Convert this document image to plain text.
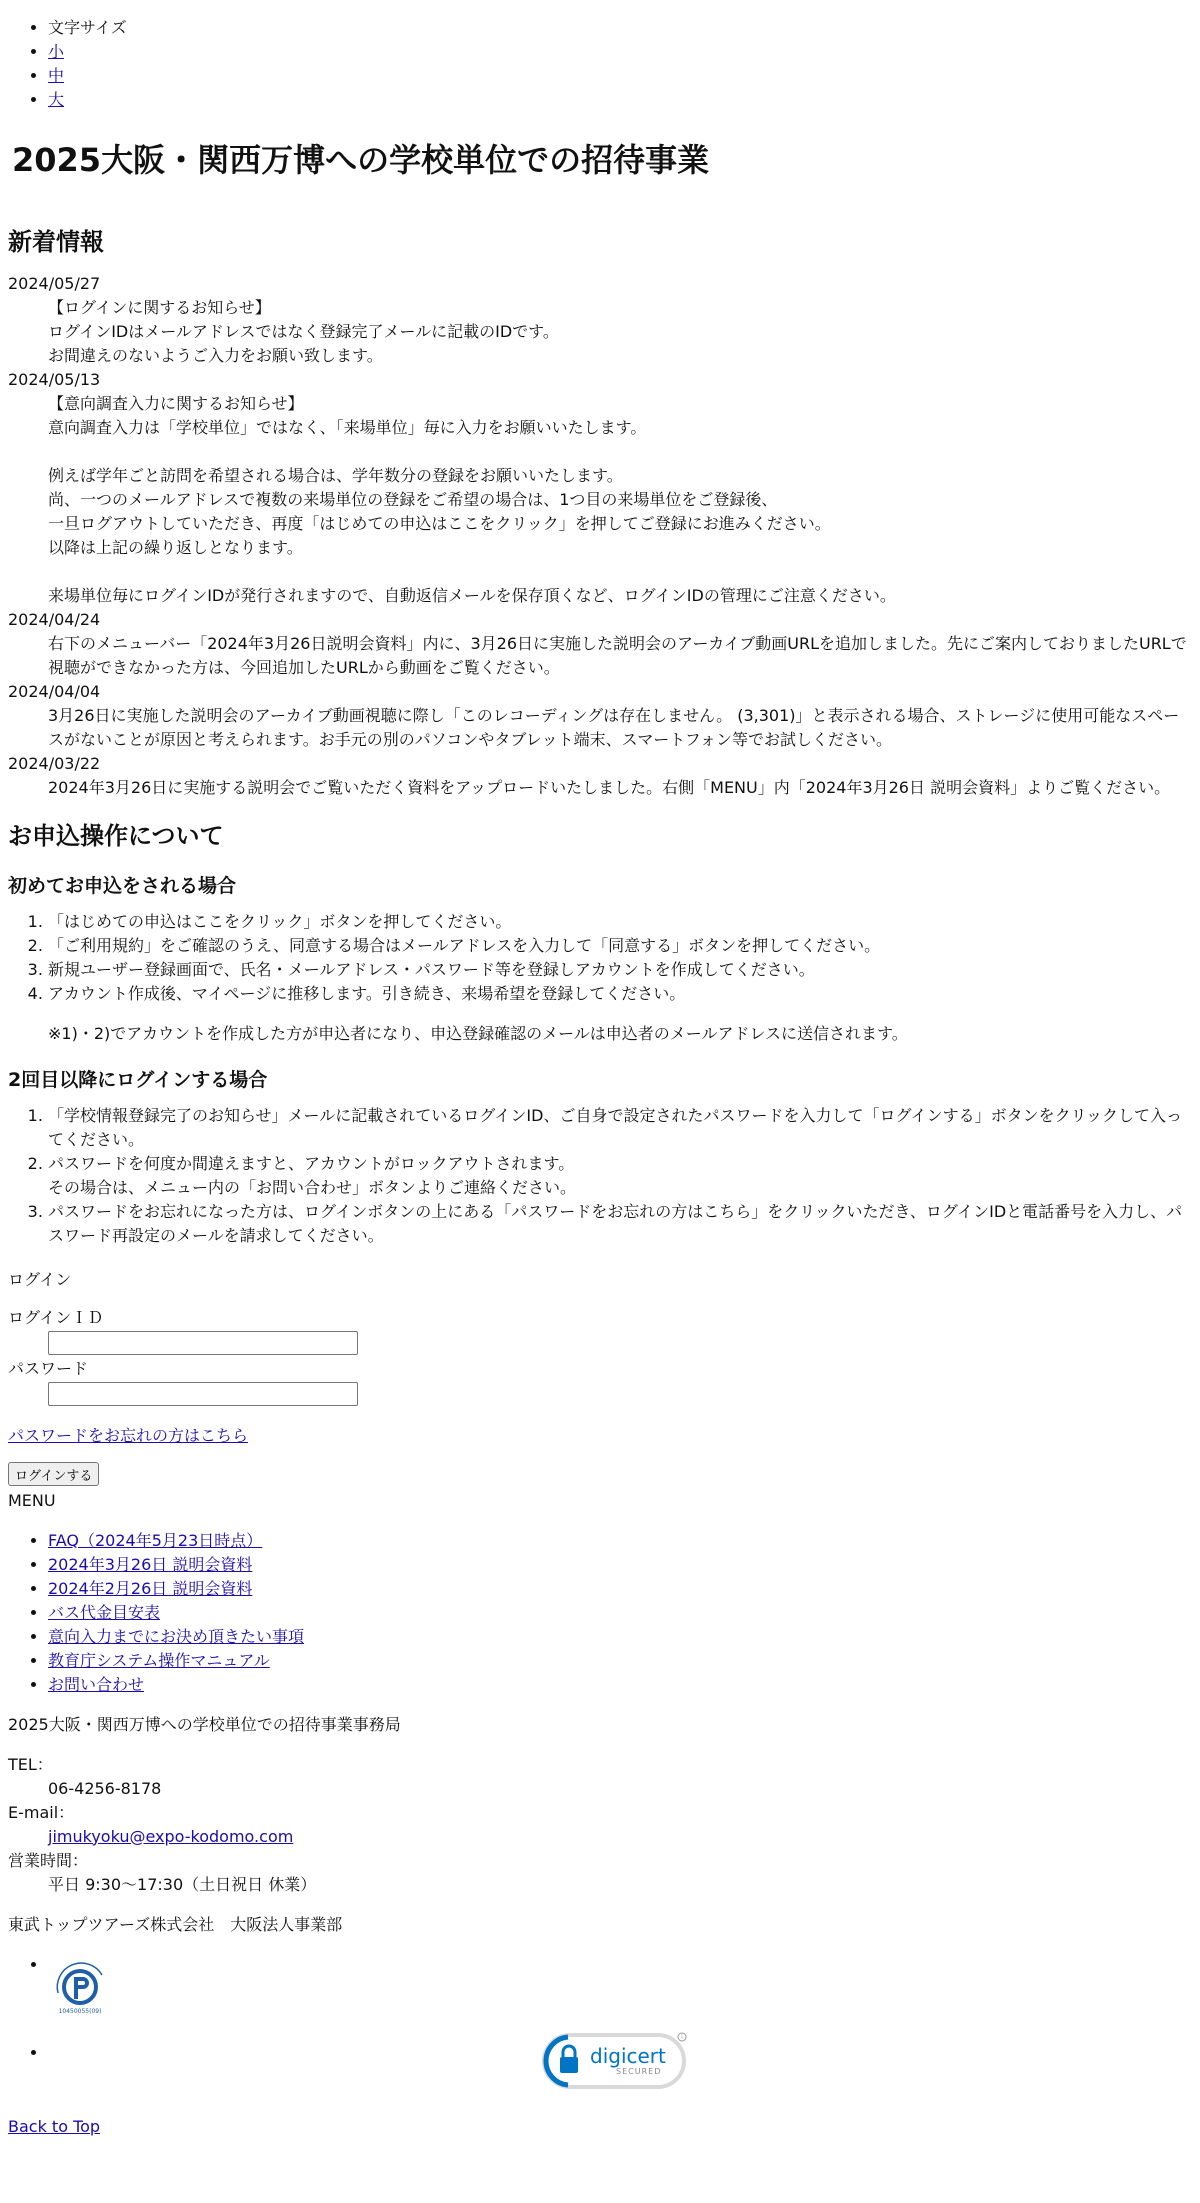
• 文字サイズ
• 小
• 中
• 大
2025大阪・関西万博への学校単位での招待事業
新着情報
2024/05/27
【ログインに関するお知らせ】
ログインIDはメールアドレスではなく登録完了メールに記載のIDです。
お間違えのないようご入力をお願い致します。
2024/05/13
【意向調査入力に関するお知らせ】
意向調査入力は「学校単位」ではなく、「来場単位」毎に入力をお願いいたします。
例えば学年ごと訪問を希望される場合は、学年数分の登録をお願いいたします。
尚、一つのメールアドレスで複数の来場単位の登録をご希望の場合は、1つ目の来場単位をご登録後、
一旦ログアウトしていただき、再度「はじめての申込はここをクリック」を押してご登録にお進みください。
以降は上記の繰り返しとなります。
来場単位毎にログインIDが発行されますので、自動返信メールを保存頂くなど、ログインIDの管理にご注意ください。
2024/04/24
右下のメニューバー「2024年3月26日説明会資料」内に、3月26日に実施した説明会のアーカイブ動画URLを追加しました。先にご案内しておりましたURLで視聴ができなかった方は、今回追加したURLから動画をご覧ください。
2024/04/04
3月26日に実施した説明会のアーカイブ動画視聴に際し「このレコーディングは存在しません。 (3,301)」と表示される場合、ストレージに使用可能なスペースがないことが原因と考えられます。お手元の別のパソコンやタブレット端末、スマートフォン等でお試しください。
2024/03/22
2024年3月26日に実施する説明会でご覧いただく資料をアップロードいたしました。右側「MENU」内「2024年3月26日 説明会資料」よりご覧ください。
お申込操作について
初めてお申込をされる場合
1. 「はじめての申込はここをクリック」ボタンを押してください。
2. 「ご利用規約」をご確認のうえ、同意する場合はメールアドレスを入力して「同意する」ボタンを押してください。
3. 新規ユーザー登録画面で、氏名・メールアドレス・パスワード等を登録しアカウントを作成してください。
4. アカウント作成後、マイページに推移します。引き続き、来場希望を登録してください。
※1)・2)でアカウントを作成した方が申込者になり、申込登録確認のメールは申込者のメールアドレスに送信されます。
2回目以降にログインする場合
1. 「学校情報登録完了のお知らせ」メールに記載されているログインID、ご自身で設定されたパスワードを入力して「ログインする」ボタンをクリックして入ってください。
2. パスワードを何度か間違えますと、アカウントがロックアウトされます。
その場合は、メニュー内の「お問い合わせ」ボタンよりご連絡ください。
3. パスワードをお忘れになった方は、ログインボタンの上にある「パスワードをお忘れの方はこちら」をクリックいただき、ログインIDと電話番号を入力し、パスワード再設定のメールを請求してください。
ログイン
ログインＩＤ
パスワード
パスワードをお忘れの方はこちら
ログインする
MENU
• FAQ（2024年5月23日時点）
• 2024年3月26日 説明会資料
• 2024年2月26日 説明会資料
• バス代金目安表
• 意向入力までにお決め頂きたい事項
• 教育庁システム操作マニュアル
• お問い合わせ
2025大阪・関西万博への学校単位での招待事業事務局
TEL：
06-4256-8178
E-mail：
jimukyoku@expo-kodomo.com
営業時間：
平日 9:30～17:30（土日祝日 休業）
東武トップツアーズ株式会社　大阪法人事業部
• 10450055(09)
• i
digicert
SECURED
Back to Top
